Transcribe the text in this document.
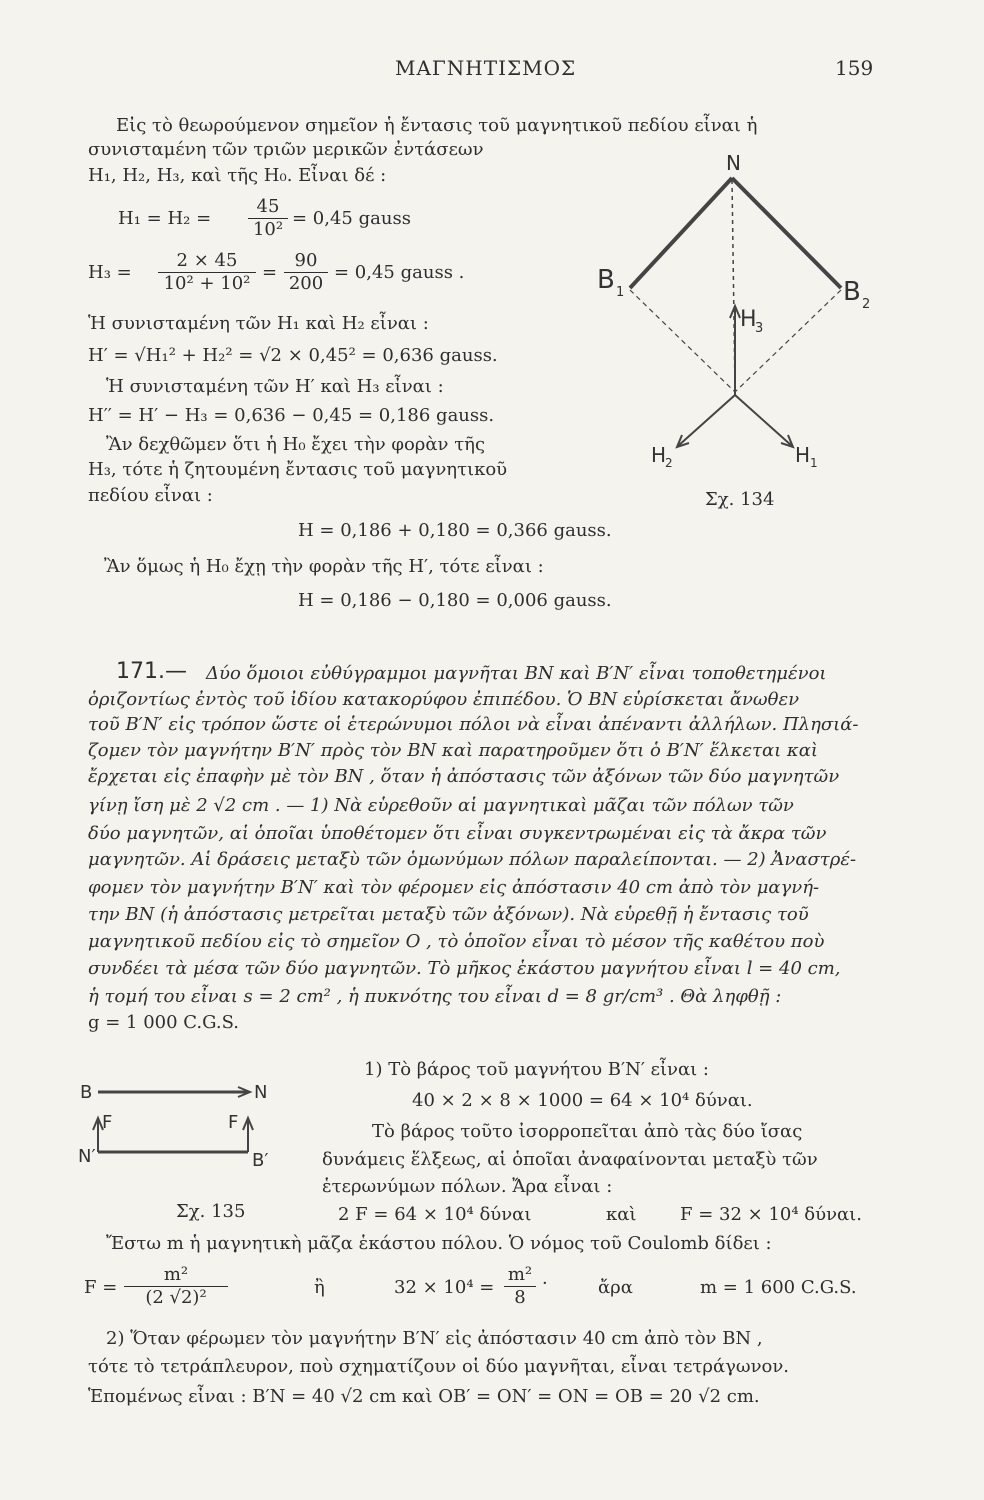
ΜΑΓΝΗΤΙΣΜΟΣ	159
Εἰς τὸ θεωρούμενον σημεῖον ἡ ἔντασις τοῦ μαγνητικοῦ πεδίου εἶναι ἡ
συνισταμένη τῶν τριῶν μερικῶν ἐντάσεων
H₁, H₂, H₃, καὶ τῆς H₀. Εἶναι δέ :
$H_1 = H_2 = \frac{45}{\text{10²}} = 0,45$ gauss
$H_3 = \frac{2 \times 45}{\text{10² + 10²}} = \frac{90}{200} = 0,45$ gauss .
Ἡ συνισταμένη τῶν H₁ καὶ H₂ εἶναι :
H′ = √H₁² + H₂² = √2 × 0,45² = 0,636 gauss.
Ἡ συνισταμένη τῶν H′ καὶ H₃ εἶναι :
H′′ = H′ − H₃ = 0,636 − 0,45 = 0,186 gauss.
Ἂν δεχθῶμεν ὅτι ἡ H₀ ἔχει τὴν φορὰν τῆς
H₃, τότε ἡ ζητουμένη ἔντασις τοῦ μαγνητικοῦ
πεδίου εἶναι :
H = 0,186 + 0,180 = 0,366 gauss.
Ἂν ὅμως ἡ H₀ ἔχῃ τὴν φορὰν τῆς H′, τότε εἶναι :
H = 0,186 − 0,180 = 0,006 gauss.
N
B 1	B 2
H
3
H
2	H 1
Σχ. 134
171.— Δύο ὅμοιοι εὐθύγραμμοι μαγνῆται BN καὶ B′N′ εἶναι τοποθετημένοι
ὁριζοντίως ἐντὸς τοῦ ἰδίου κατακορύφου ἐπιπέδου. Ὁ BN εὑρίσκεται ἄνωθεν
τοῦ B′N′ εἰς τρόπον ὥστε οἱ ἑτερώνυμοι πόλοι νὰ εἶναι ἀπέναντι ἀλλήλων. Πλησιά-
ζομεν τὸν μαγνήτην B′N′ πρὸς τὸν BN καὶ παρατηροῦμεν ὅτι ὁ B′N′ ἕλκεται καὶ
ἔρχεται εἰς ἐπαφὴν μὲ τὸν BN , ὅταν ἡ ἀπόστασις τῶν ἀξόνων τῶν δύο μαγνητῶν
γίνῃ ἴση μὲ 2 √2 cm . — 1) Νὰ εὑρεθοῦν αἱ μαγνητικαὶ μᾶζαι τῶν πόλων τῶν
δύο μαγνητῶν, αἱ ὁποῖαι ὑποθέτομεν ὅτι εἶναι συγκεντρωμέναι εἰς τὰ ἄκρα τῶν
μαγνητῶν. Αἱ δράσεις μεταξὺ τῶν ὁμωνύμων πόλων παραλείπονται. — 2) Ἀναστρέ-
φομεν τὸν μαγνήτην B′N′ καὶ τὸν φέρομεν εἰς ἀπόστασιν 40 cm ἀπὸ τὸν μαγνή-
την BN (ἡ ἀπόστασις μετρεῖται μεταξὺ τῶν ἀξόνων). Νὰ εὑρεθῇ ἡ ἔντασις τοῦ
μαγνητικοῦ πεδίου εἰς τὸ σημεῖον O , τὸ ὁποῖον εἶναι τὸ μέσον τῆς καθέτου ποὺ
συνδέει τὰ μέσα τῶν δύο μαγνητῶν. Τὸ μῆκος ἑκάστου μαγνήτου εἶναι l = 40 cm,
ἡ τομή του εἶναι s = 2 cm² , ἡ πυκνότης του εἶναι d = 8 gr/cm³ . Θὰ ληφθῇ :
g = 1 000 C.G.S.
B	N
F	F
N′	B′
Σχ. 135
1) Τὸ βάρος τοῦ μαγνήτου B′N′ εἶναι :
40 × 2 × 8 × 1000 = 64 × 10⁴ δύναι.
Τὸ βάρος τοῦτο ἰσορροπεῖται ἀπὸ τὰς δύο ἴσας
δυνάμεις ἕλξεως, αἱ ὁποῖαι ἀναφαίνονται μεταξὺ τῶν
ἑτερωνύμων πόλων. Ἄρα εἶναι :
2 F = 64 × 10⁴ δύναι	καὶ F = 32 × 10⁴ δύναι.
Ἔστω m ἡ μαγνητικὴ μᾶζα ἑκάστου πόλου. Ὁ νόμος τοῦ Coulomb δίδει :
$F = \frac{\text{m²}}{\text{(2 √2)²}}$	ἢ	$32 \times 10^4 = \frac{\text{m²}}{8}$ ·	ἄρα	m = 1 600 C.G.S.
2) Ὅταν φέρωμεν τὸν μαγνήτην B′N′ εἰς ἀπόστασιν 40 cm ἀπὸ τὸν BN ,
τότε τὸ τετράπλευρον, ποὺ σχηματίζουν οἱ δύο μαγνῆται, εἶναι τετράγωνον.
Ἑπομένως εἶναι : B′N = 40 √2 cm καὶ OB′ = ON′ = ON = OB = 20 √2 cm.
